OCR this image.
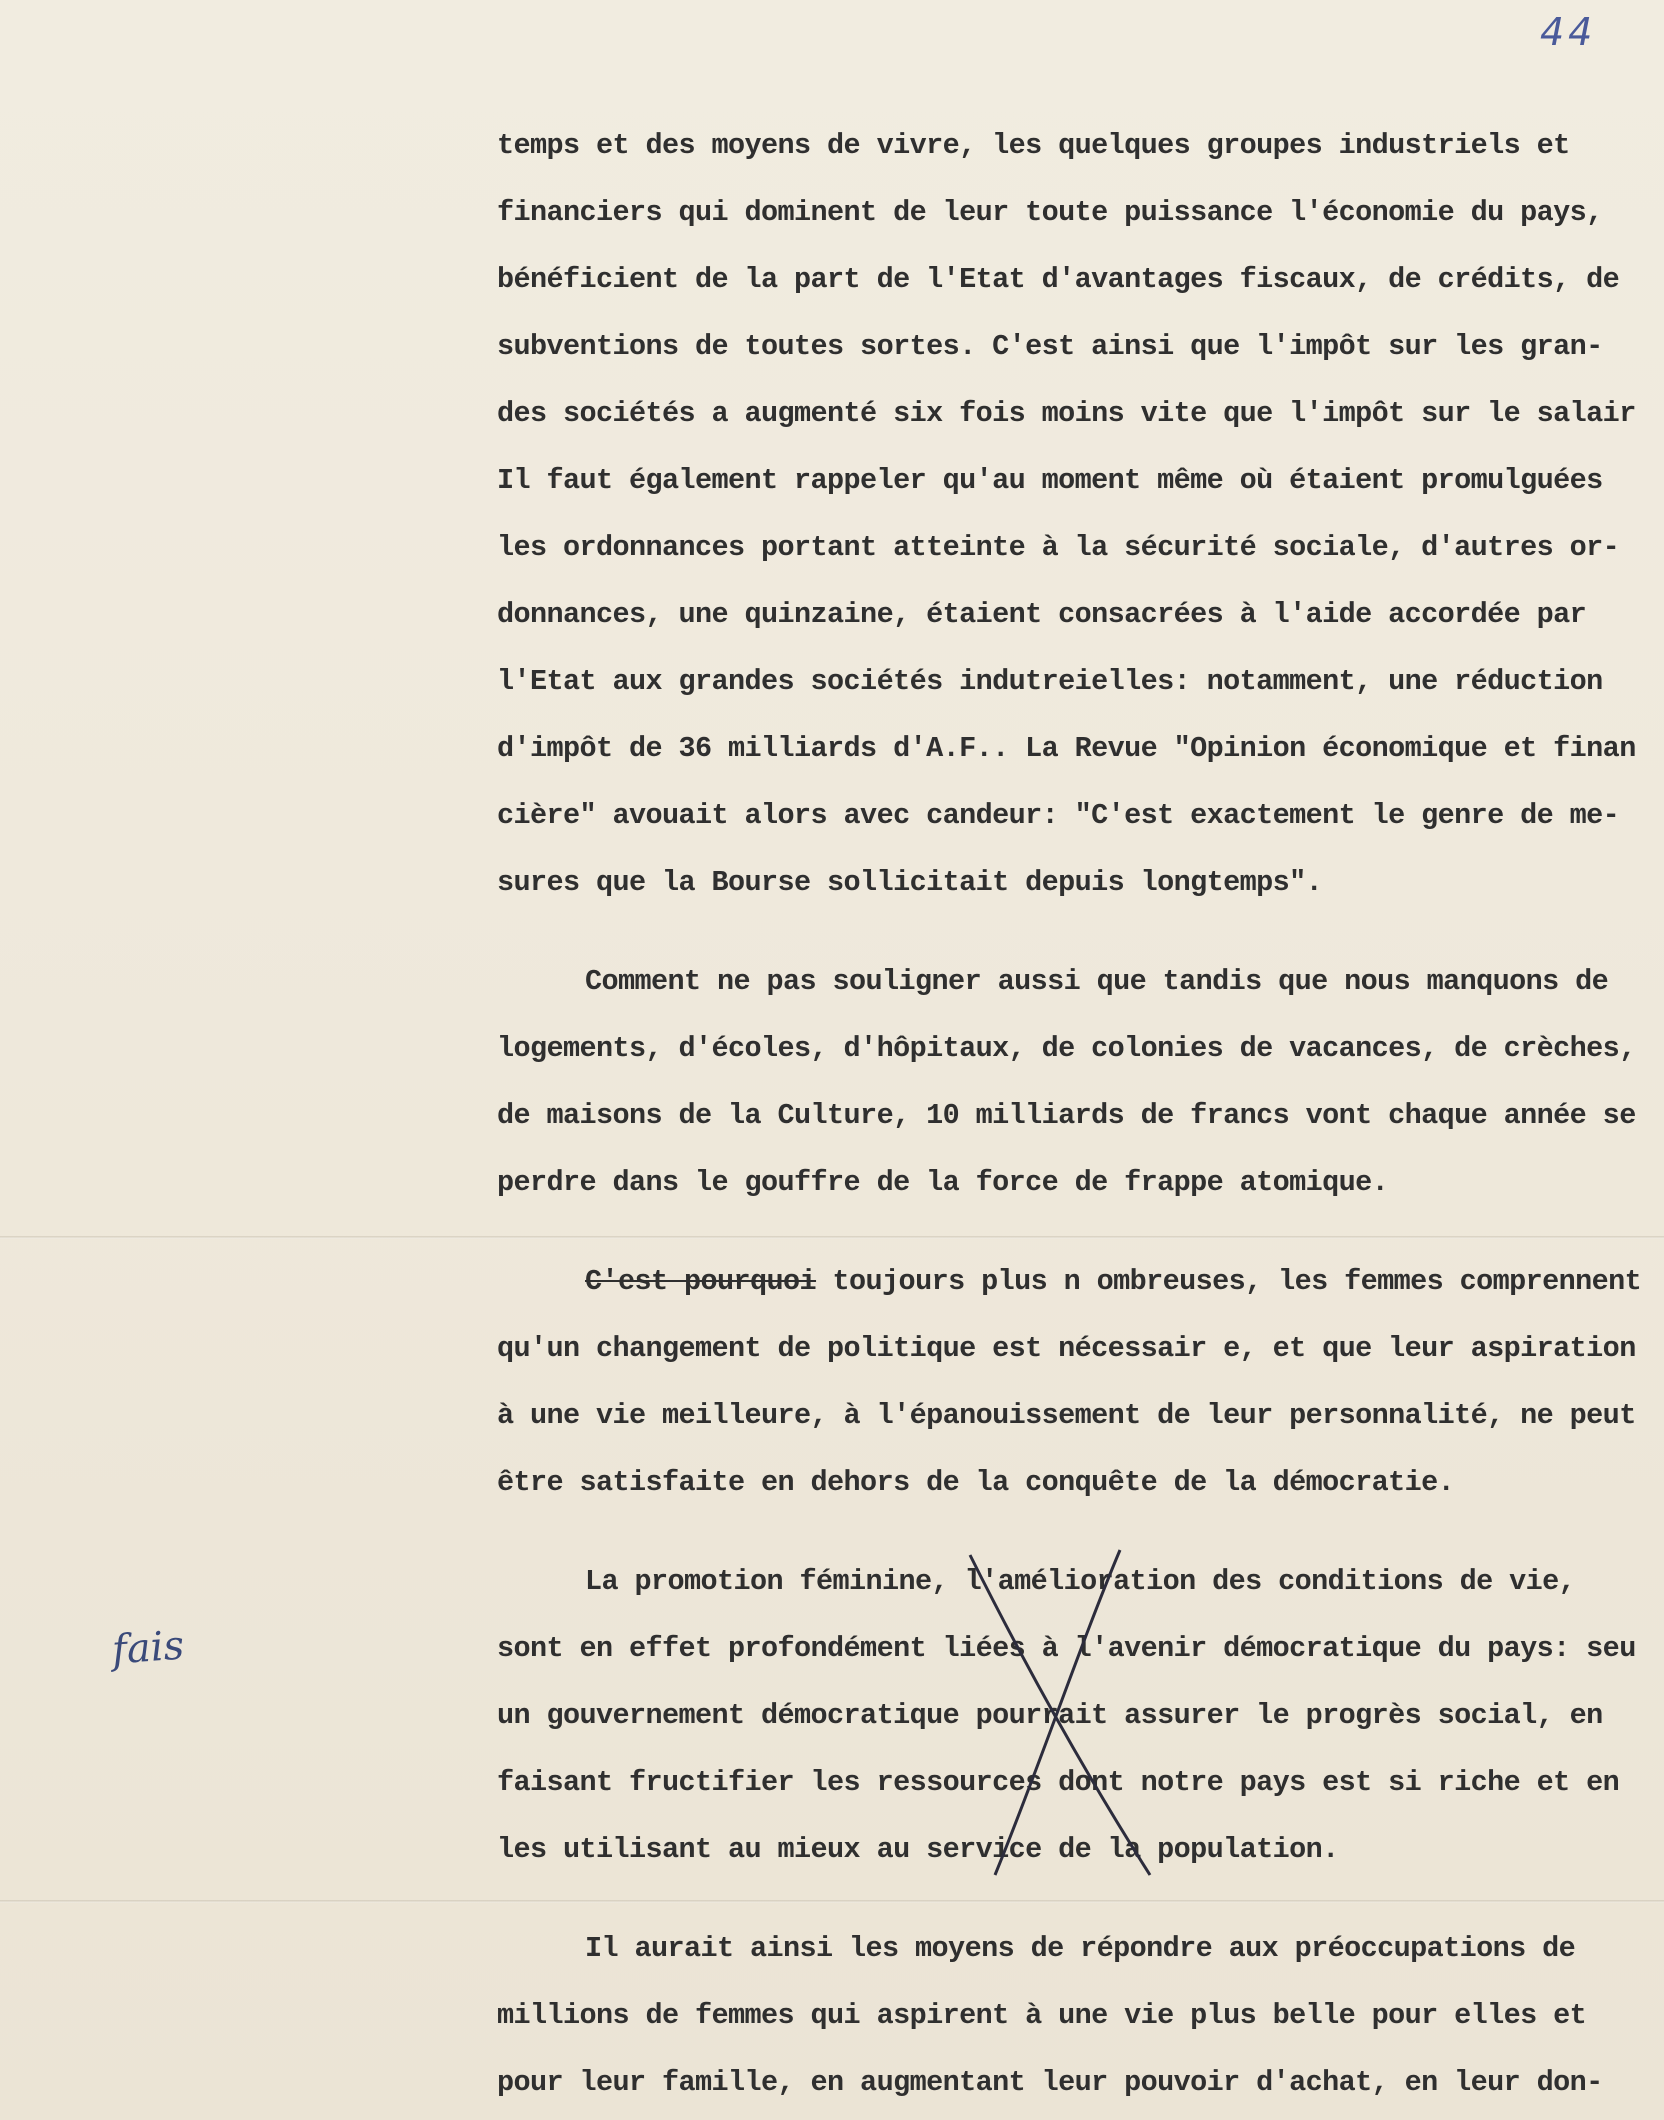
44
fais
temps et des moyens de vivre, les quelques groupes industriels et
financiers qui dominent de leur toute puissance l'économie du pays,
bénéficient de la part de l'Etat d'avantages fiscaux, de crédits, de
subventions de toutes sortes. C'est ainsi que l'impôt sur les gran-
des sociétés a augmenté six fois moins vite que l'impôt sur le salair
Il faut également rappeler qu'au moment même où étaient promulguées
les ordonnances portant atteinte à la sécurité sociale, d'autres or-
donnances, une quinzaine, étaient consacrées à l'aide accordée par
l'Etat aux grandes sociétés indutreielles: notamment, une réduction
d'impôt de 36 milliards d'A.F.. La Revue "Opinion économique et finan
cière" avouait alors avec candeur: "C'est exactement le genre de me-
sures que la Bourse sollicitait depuis longtemps".
Comment ne pas souligner aussi que tandis que nous manquons de
logements, d'écoles, d'hôpitaux, de colonies de vacances, de crèches,
de maisons de la Culture, 10 milliards de francs vont chaque année se
perdre dans le gouffre de la force de frappe atomique.
C'est pourquoi toujours plus n ombreuses, les femmes comprennent
qu'un changement de politique est nécessair e, et que leur aspiration
à une vie meilleure, à l'épanouissement de leur personnalité, ne peut
être satisfaite en dehors de la conquête de la démocratie.
La promotion féminine, l'amélioration des conditions de vie,
sont en effet profondément liées à l'avenir démocratique du pays: seu
un gouvernement démocratique pourrait assurer le progrès social, en
faisant fructifier les ressources dont notre pays est si riche et en
les utilisant au mieux au service de la population.
Il aurait ainsi les moyens de répondre aux préoccupations de
millions de femmes qui aspirent à une vie plus belle pour elles et
pour leur famille, en augmentant leur pouvoir d'achat, en leur don-
